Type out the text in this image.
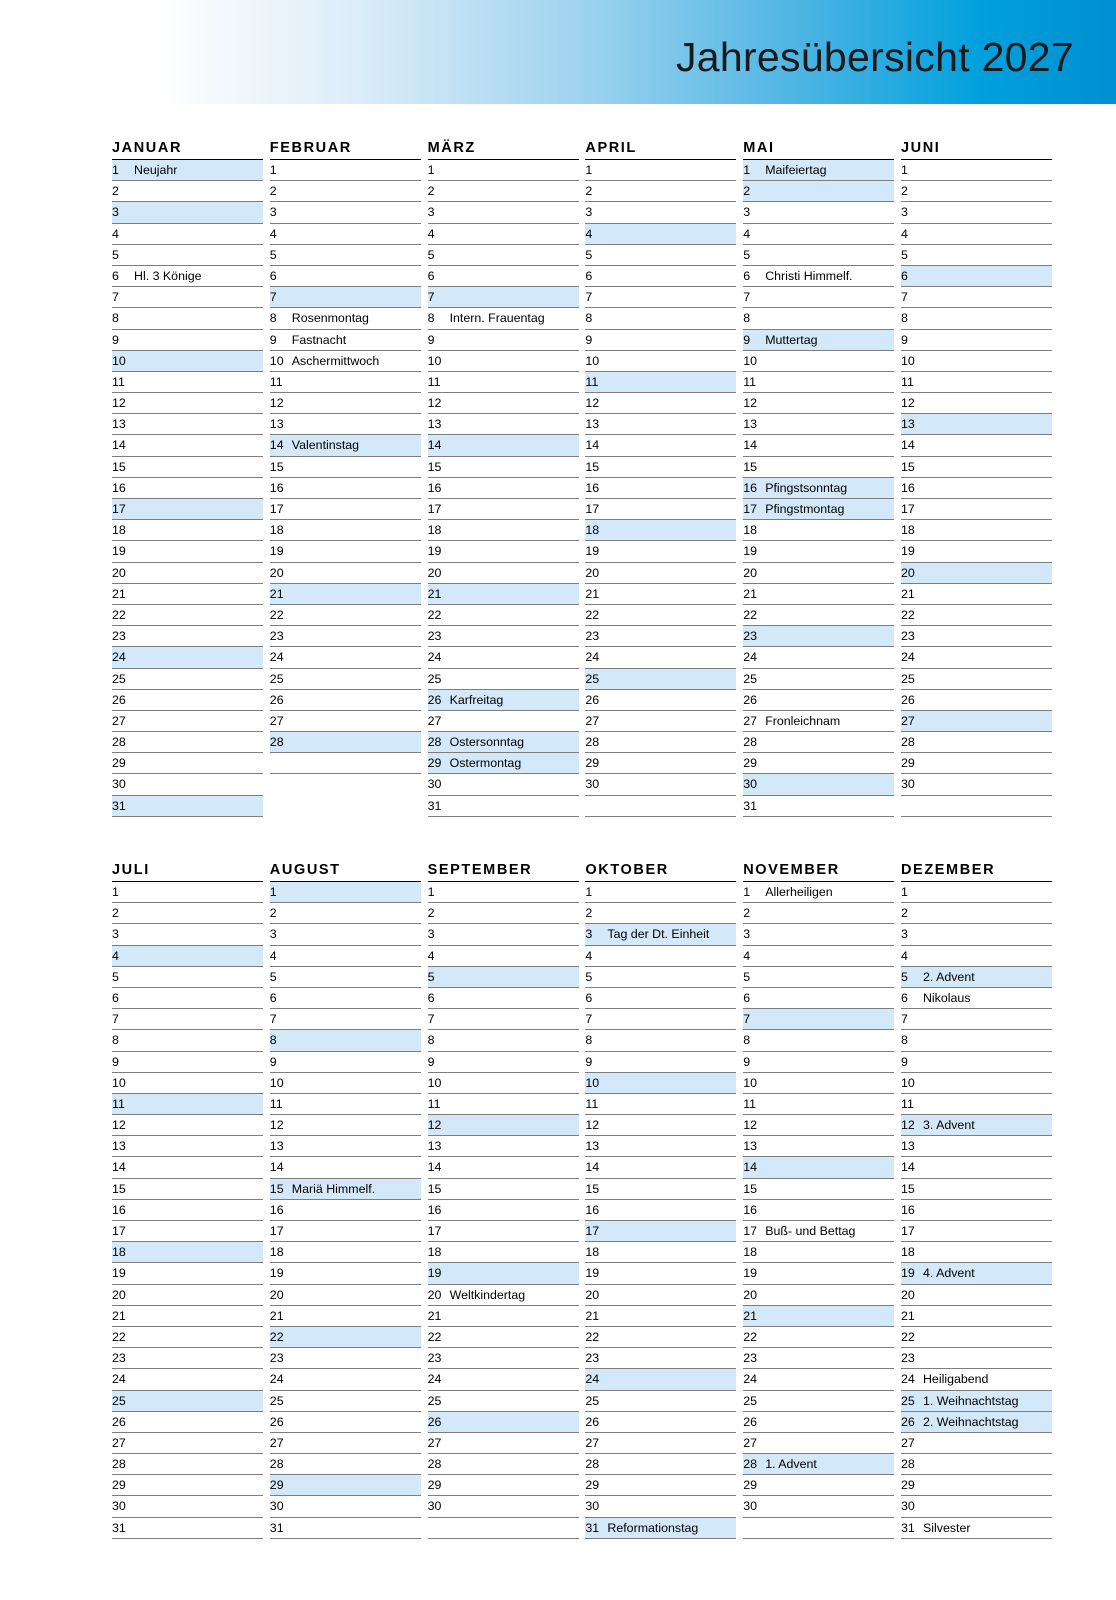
Jahresübersicht 2027
JANUAR
1	Neujahr
2
3
4
5
6	Hl. 3 Könige
7
8
9
10
11
12
13
14
15
16
17
18
19
20
21
22
23
24
25
26
27
28
29
30
31
FEBRUAR
1
2
3
4
5
6
7
8	Rosenmontag
9	Fastnacht
10 Aschermittwoch
11
12
13
14 Valentinstag
15
16
17
18
19
20
21
22
23
24
25
26
27
28

MÄRZ
1
2
3
4
5
6
7
8	Intern. Frauentag
9
10
11
12
13
14
15
16
17
18
19
20
21
22
23
24
25
26 Karfreitag
27
28 Ostersonntag
29 Ostermontag
30
31
APRIL
1
2
3
4
5
6
7
8
9
10
11
12
13
14
15
16
17
18
19
20
21
22
23
24
25
26
27
28
29
30

MAI
1	Maifeiertag
2
3
4
5
6	Christi Himmelf.
7
8
9	Muttertag
10
11
12
13
14
15
16 Pfingstsonntag
17 Pfingstmontag
18
19
20
21
22
23
24
25
26
27 Fronleichnam
28
29
30
31
JUNI
1
2
3
4
5
6
7
8
9
10
11
12
13
14
15
16
17
18
19
20
21
22
23
24
25
26
27
28
29
30

JULI
1
2
3
4
5
6
7
8
9
10
11
12
13
14
15
16
17
18
19
20
21
22
23
24
25
26
27
28
29
30
31
AUGUST
1
2
3
4
5
6
7
8
9
10
11
12
13
14
15 Mariä Himmelf.
16
17
18
19
20
21
22
23
24
25
26
27
28
29
30
31
SEPTEMBER
1
2
3
4
5
6
7
8
9
10
11
12
13
14
15
16
17
18
19
20 Weltkindertag
21
22
23
24
25
26
27
28
29
30

OKTOBER
1
2
3	Tag der Dt. Einheit
4
5
6
7
8
9
10
11
12
13
14
15
16
17
18
19
20
21
22
23
24
25
26
27
28
29
30
31 Reformationstag
NOVEMBER
1	Allerheiligen
2
3
4
5
6
7
8
9
10
11
12
13
14
15
16
17 Buß- und Bettag
18
19
20
21
22
23
24
25
26
27
28 1. Advent
29
30

DEZEMBER
1
2
3
4
5	2. Advent
6	Nikolaus
7
8
9
10
11
12 3. Advent
13
14
15
16
17
18
19 4. Advent
20
21
22
23
24 Heiligabend
25 1. Weihnachtstag
26 2. Weihnachtstag
27
28
29
30
31 Silvester
